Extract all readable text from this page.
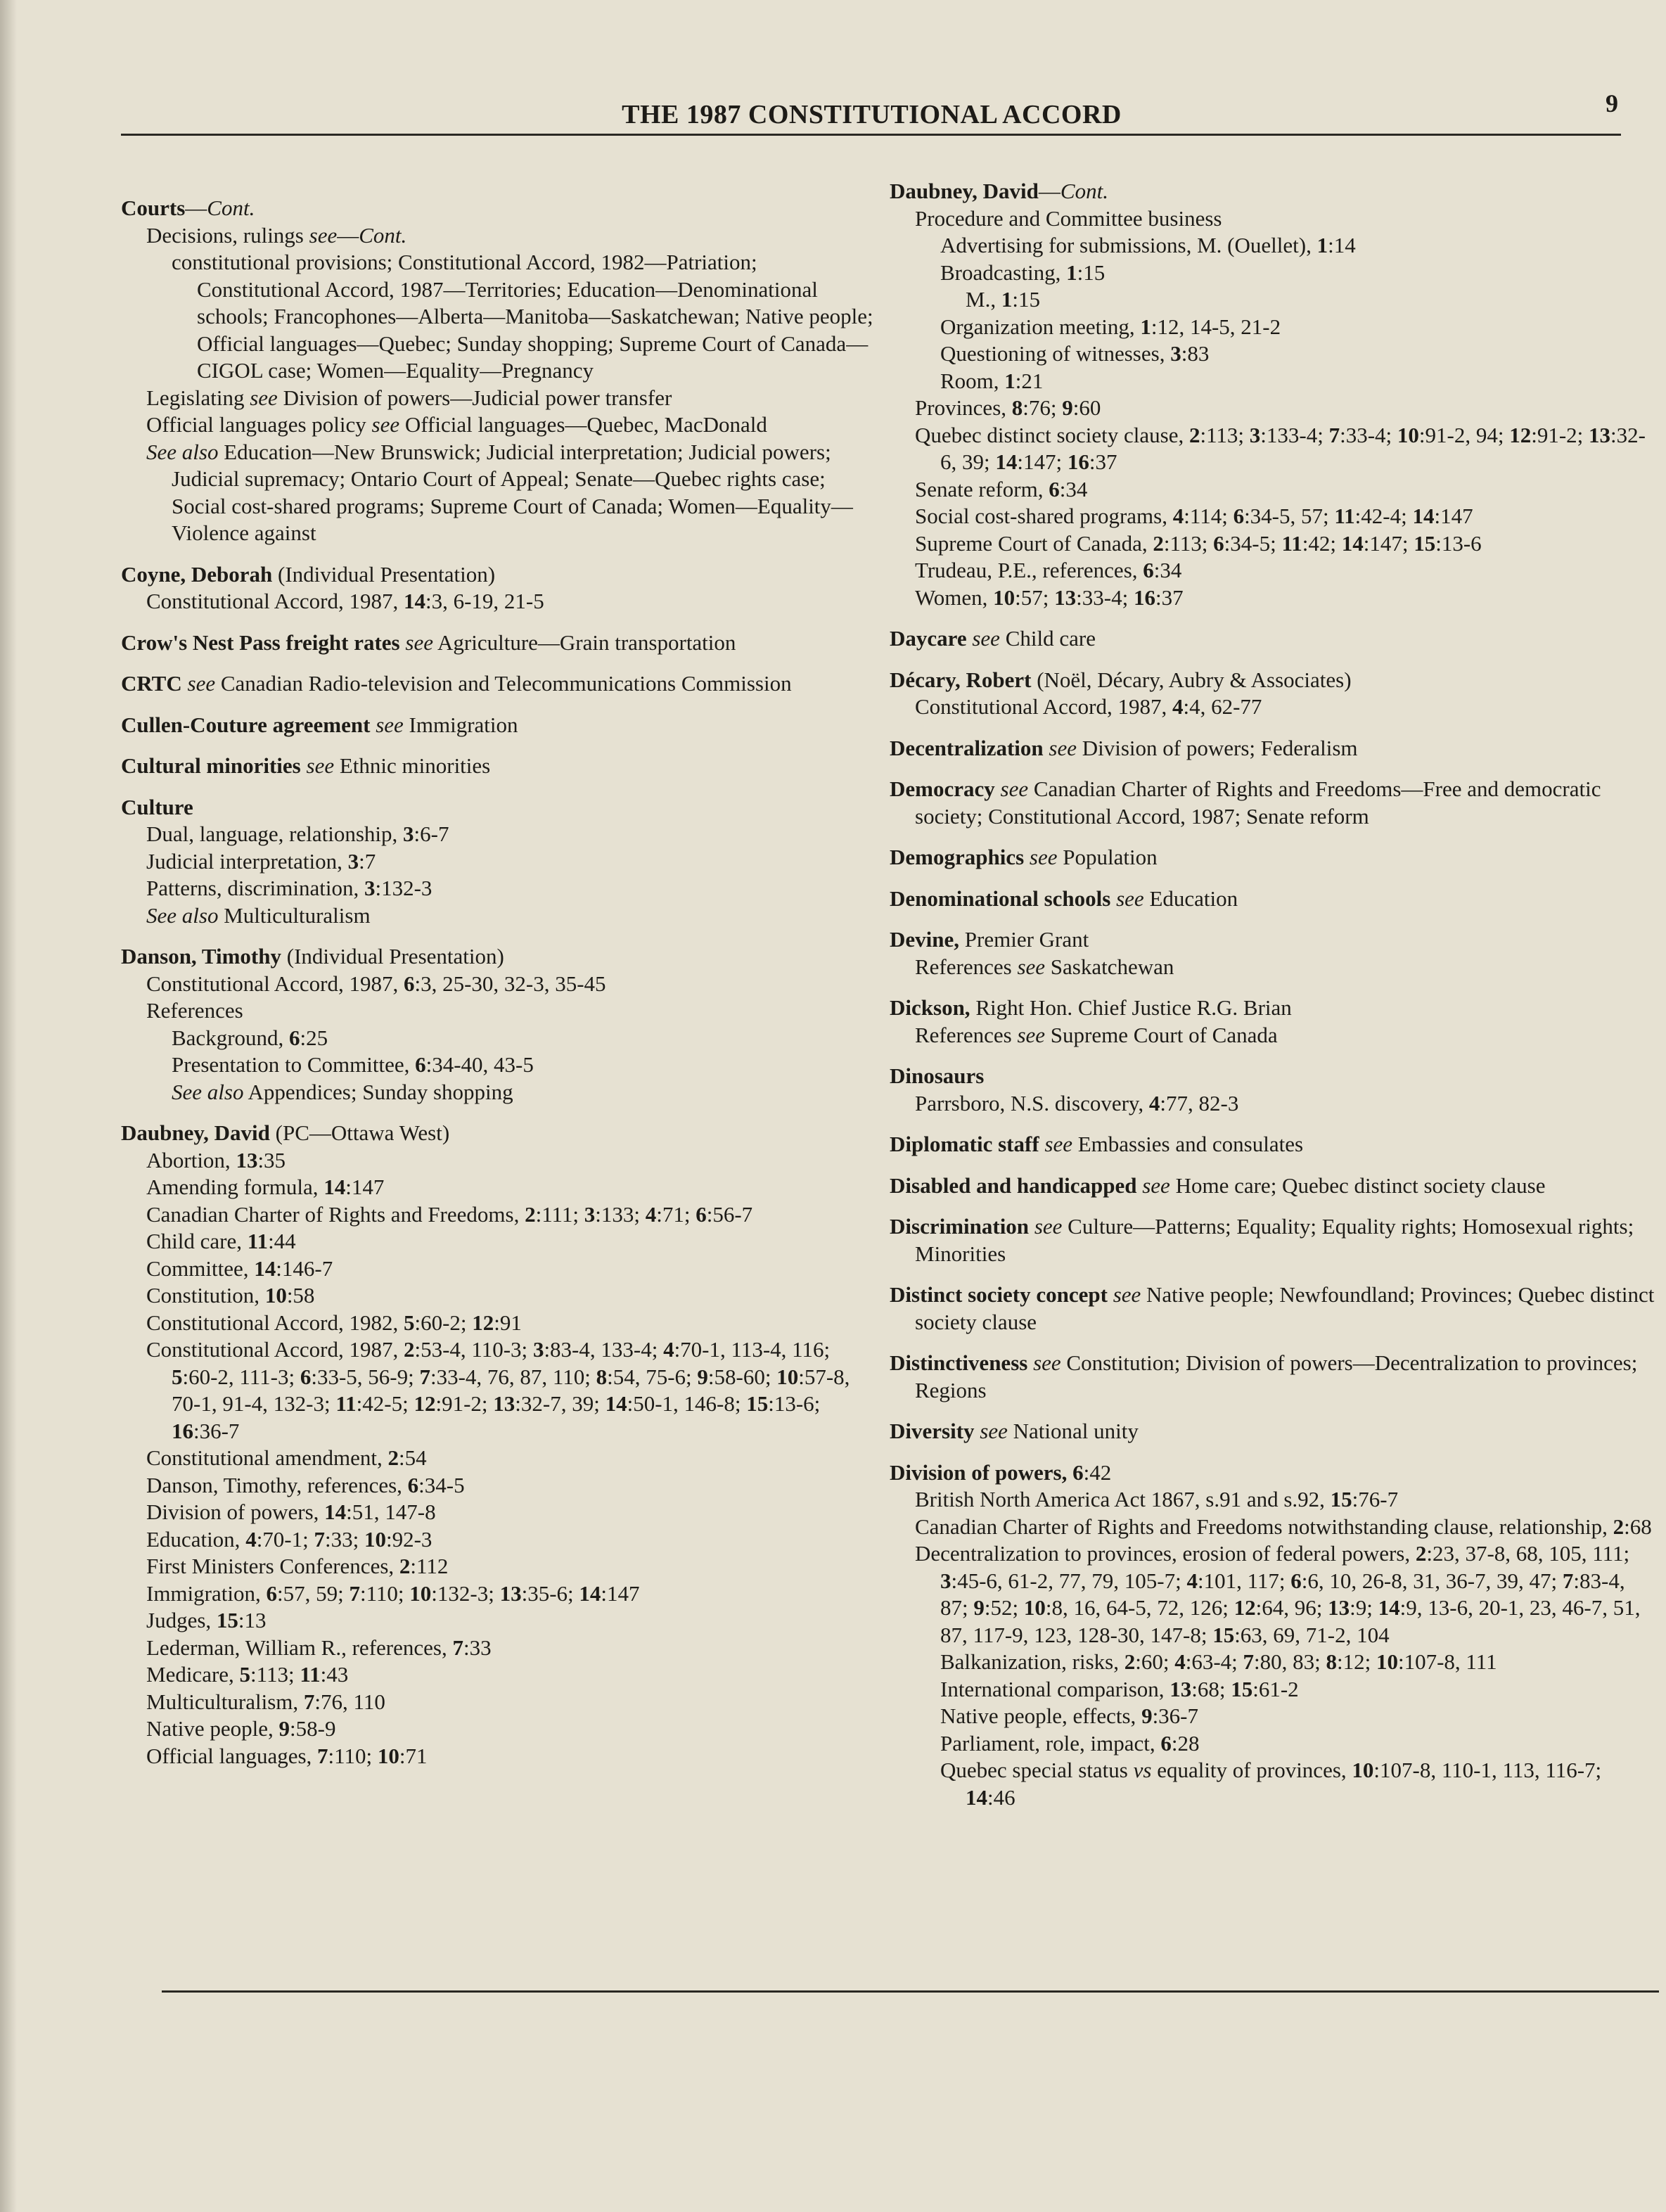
THE 1987 CONSTITUTIONAL ACCORD	9
Courts—Cont.
Decisions, rulings see—Cont.
constitutional provisions; Constitutional Accord, 1982—Patriation; Constitutional Accord, 1987—Territories; Education—Denominational schools; Francophones—Alberta—Manitoba—Saskatchewan; Native people; Official languages—Quebec; Sunday shopping; Supreme Court of Canada—CIGOL case; Women—Equality—Pregnancy
Legislating see Division of powers—Judicial power transfer
Official languages policy see Official languages—Quebec, MacDonald
See also Education—New Brunswick; Judicial interpretation; Judicial powers; Judicial supremacy; Ontario Court of Appeal; Senate—Quebec rights case; Social cost-shared programs; Supreme Court of Canada; Women—Equality—Violence against
Coyne, Deborah (Individual Presentation)
Constitutional Accord, 1987, 14:3, 6-19, 21-5
Crow's Nest Pass freight rates see Agriculture—Grain transportation
CRTC see Canadian Radio-television and Telecommunications Commission
Cullen-Couture agreement see Immigration
Cultural minorities see Ethnic minorities
Culture
Dual, language, relationship, 3:6-7
Judicial interpretation, 3:7
Patterns, discrimination, 3:132-3
See also Multiculturalism
Danson, Timothy (Individual Presentation)
Constitutional Accord, 1987, 6:3, 25-30, 32-3, 35-45
References
Background, 6:25
Presentation to Committee, 6:34-40, 43-5
See also Appendices; Sunday shopping
Daubney, David (PC—Ottawa West)
Abortion, 13:35
Amending formula, 14:147
Canadian Charter of Rights and Freedoms, 2:111; 3:133; 4:71; 6:56-7
Child care, 11:44
Committee, 14:146-7
Constitution, 10:58
Constitutional Accord, 1982, 5:60-2; 12:91
Constitutional Accord, 1987, 2:53-4, 110-3; 3:83-4, 133-4; 4:70-1, 113-4, 116; 5:60-2, 111-3; 6:33-5, 56-9; 7:33-4, 76, 87, 110; 8:54, 75-6; 9:58-60; 10:57-8, 70-1, 91-4, 132-3; 11:42-5; 12:91-2; 13:32-7, 39; 14:50-1, 146-8; 15:13-6; 16:36-7
Constitutional amendment, 2:54
Danson, Timothy, references, 6:34-5
Division of powers, 14:51, 147-8
Education, 4:70-1; 7:33; 10:92-3
First Ministers Conferences, 2:112
Immigration, 6:57, 59; 7:110; 10:132-3; 13:35-6; 14:147
Judges, 15:13
Lederman, William R., references, 7:33
Medicare, 5:113; 11:43
Multiculturalism, 7:76, 110
Native people, 9:58-9
Official languages, 7:110; 10:71
Daubney, David—Cont.
Procedure and Committee business
Advertising for submissions, M. (Ouellet), 1:14
Broadcasting, 1:15
M., 1:15
Organization meeting, 1:12, 14-5, 21-2
Questioning of witnesses, 3:83
Room, 1:21
Provinces, 8:76; 9:60
Quebec distinct society clause, 2:113; 3:133-4; 7:33-4; 10:91-2, 94; 12:91-2; 13:32-6, 39; 14:147; 16:37
Senate reform, 6:34
Social cost-shared programs, 4:114; 6:34-5, 57; 11:42-4; 14:147
Supreme Court of Canada, 2:113; 6:34-5; 11:42; 14:147; 15:13-6
Trudeau, P.E., references, 6:34
Women, 10:57; 13:33-4; 16:37
Daycare see Child care
Décary, Robert (Noël, Décary, Aubry & Associates)
Constitutional Accord, 1987, 4:4, 62-77
Decentralization see Division of powers; Federalism
Democracy see Canadian Charter of Rights and Freedoms—Free and democratic society; Constitutional Accord, 1987; Senate reform
Demographics see Population
Denominational schools see Education
Devine, Premier Grant
References see Saskatchewan
Dickson, Right Hon. Chief Justice R.G. Brian
References see Supreme Court of Canada
Dinosaurs
Parrsboro, N.S. discovery, 4:77, 82-3
Diplomatic staff see Embassies and consulates
Disabled and handicapped see Home care; Quebec distinct society clause
Discrimination see Culture—Patterns; Equality; Equality rights; Homosexual rights; Minorities
Distinct society concept see Native people; Newfoundland; Provinces; Quebec distinct society clause
Distinctiveness see Constitution; Division of powers—Decentralization to provinces; Regions
Diversity see National unity
Division of powers, 6:42
British North America Act 1867, s.91 and s.92, 15:76-7
Canadian Charter of Rights and Freedoms notwithstanding clause, relationship, 2:68
Decentralization to provinces, erosion of federal powers, 2:23, 37-8, 68, 105, 111; 3:45-6, 61-2, 77, 79, 105-7; 4:101, 117; 6:6, 10, 26-8, 31, 36-7, 39, 47; 7:83-4, 87; 9:52; 10:8, 16, 64-5, 72, 126; 12:64, 96; 13:9; 14:9, 13-6, 20-1, 23, 46-7, 51, 87, 117-9, 123, 128-30, 147-8; 15:63, 69, 71-2, 104
Balkanization, risks, 2:60; 4:63-4; 7:80, 83; 8:12; 10:107-8, 111
International comparison, 13:68; 15:61-2
Native people, effects, 9:36-7
Parliament, role, impact, 6:28
Quebec special status vs equality of provinces, 10:107-8, 110-1, 113, 116-7; 14:46
